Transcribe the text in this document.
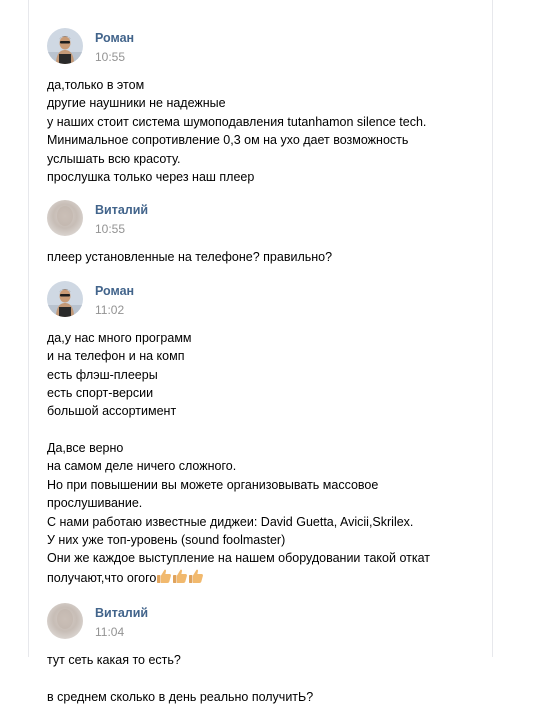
Роман
10:55
да,только в этом
другие наушники не надежные
у наших стоит система шумоподавления tutanhamon silence tech.
Минимальное сопротивление 0,3 ом на ухо дает возможность
услышать всю красоту.
прослушка только через наш плеер
Виталий
10:55
плеер установленные на телефоне? правильно?
Роман
11:02
да,у нас много программ
и на телефон и на комп
есть флэш-плееры
есть спорт-версии
большой ассортимент
Да,все верно
на самом деле ничего сложного.
Но при повышении вы можете организовывать массовое
прослушивание.
С нами работаю известные диджеи: David Guetta, Avicii,Skrilex.
У них уже топ-уровень (sound foolmaster)
Они же каждое выступление на нашем оборудовании такой откат
получают,что огого
Виталий
11:04
тут сеть какая то есть?
в среднем сколько в день реально получитЬ?
